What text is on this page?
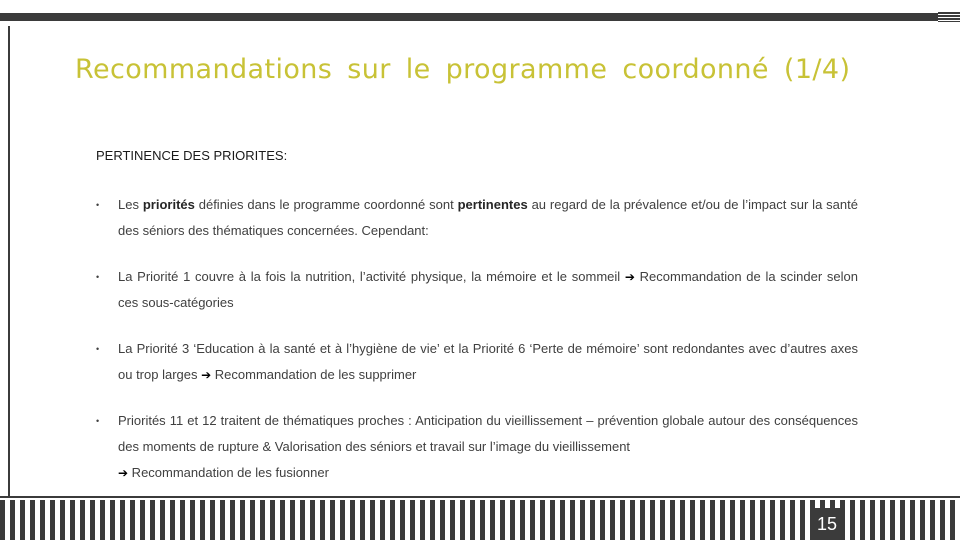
Recommandations sur le programme coordonné (1/4)

PERTINENCE DES PRIORITES:

• Les priorités définies dans le programme coordonné sont pertinentes au regard de la prévalence et/ou de l’impact sur la santé des séniors des thématiques concernées. Cependant:

• La Priorité 1 couvre à la fois la nutrition, l’activité physique, la mémoire et le sommeil ➔ Recommandation de la scinder selon ces sous-catégories

• La Priorité 3 ‘Education à la santé et à l’hygiène de vie’ et la Priorité 6 ‘Perte de mémoire’ sont redondantes avec d’autres axes ou trop larges ➔ Recommandation de les supprimer

• Priorités 11 et 12 traitent de thématiques proches : Anticipation du vieillissement – prévention globale autour des conséquences des moments de rupture & Valorisation des séniors et travail sur l’image du vieillissement
➔ Recommandation de les fusionner

15
